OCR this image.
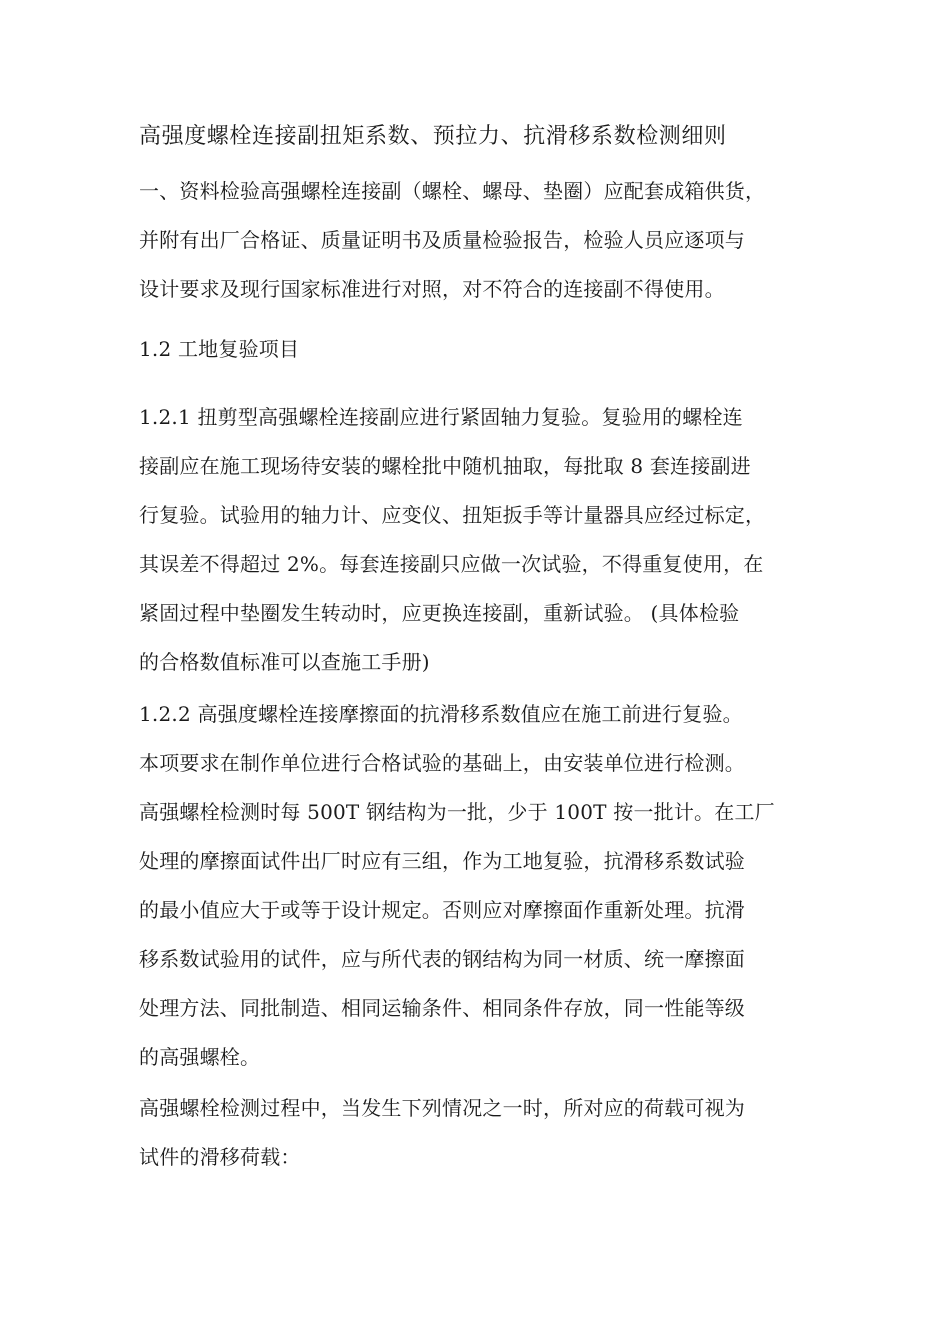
高强度螺栓连接副扭矩系数、预拉力、抗滑移系数检测细则
一、资料检验高强螺栓连接副（螺栓、螺母、垫圈）应配套成箱供货，
并附有出厂合格证、质量证明书及质量检验报告，检验人员应逐项与
设计要求及现行国家标准进行对照，对不符合的连接副不得使用。
1.2 工地复验项目
1.2.1 扭剪型高强螺栓连接副应进行紧固轴力复验。复验用的螺栓连
接副应在施工现场待安装的螺栓批中随机抽取，每批取 8 套连接副进
行复验。试验用的轴力计、应变仪、扭矩扳手等计量器具应经过标定，
其误差不得超过 2%。每套连接副只应做一次试验，不得重复使用，在
紧固过程中垫圈发生转动时，应更换连接副，重新试验。 (具体检验
的合格数值标准可以查施工手册)
1.2.2 高强度螺栓连接摩擦面的抗滑移系数值应在施工前进行复验。
本项要求在制作单位进行合格试验的基础上，由安装单位进行检测。
高强螺栓检测时每 500T 钢结构为一批，少于 100T 按一批计。在工厂
处理的摩擦面试件出厂时应有三组，作为工地复验，抗滑移系数试验
的最小值应大于或等于设计规定。否则应对摩擦面作重新处理。抗滑
移系数试验用的试件，应与所代表的钢结构为同一材质、统一摩擦面
处理方法、同批制造、相同运输条件、相同条件存放，同一性能等级
的高强螺栓。
高强螺栓检测过程中，当发生下列情况之一时，所对应的荷载可视为
试件的滑移荷载：
